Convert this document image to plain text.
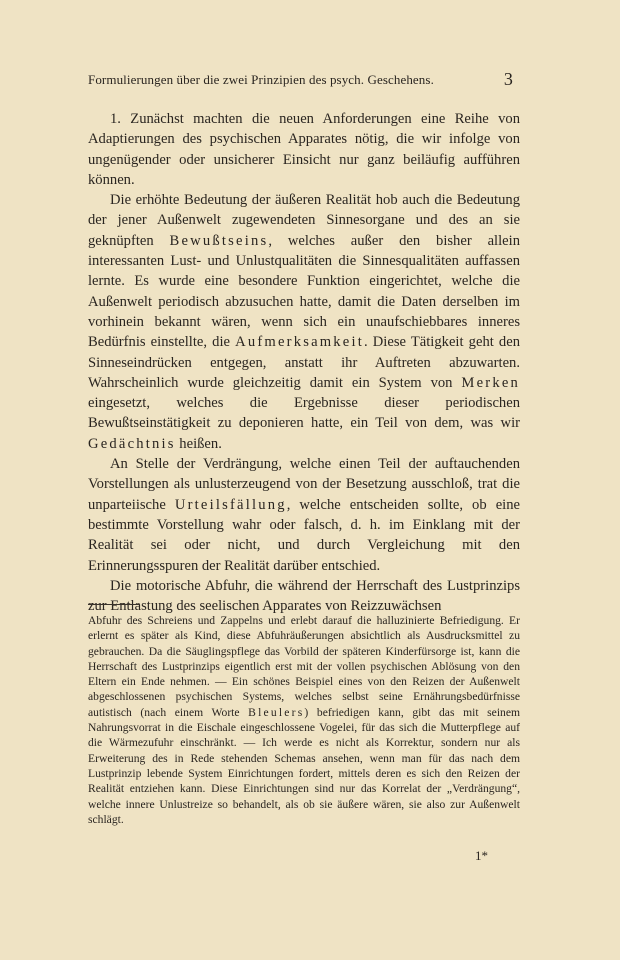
Formulierungen über die zwei Prinzipien des psych. Geschehens.	3

1. Zunächst machten die neuen Anforderungen eine Reihe von Adaptierungen des psychischen Apparates nötig, die wir infolge von ungenügender oder unsicherer Einsicht nur ganz beiläufig aufführen können.

Die erhöhte Bedeutung der äußeren Realität hob auch die Bedeutung der jener Außenwelt zugewendeten Sinnesorgane und des an sie geknüpften Bewußtseins, welches außer den bisher allein interessanten Lust- und Unlustqualitäten die Sinnesqualitäten auffassen lernte. Es wurde eine besondere Funktion eingerichtet, welche die Außenwelt periodisch abzusuchen hatte, damit die Daten derselben im vorhinein bekannt wären, wenn sich ein unaufschiebbares inneres Bedürfnis einstellte, die Aufmerksamkeit. Diese Tätigkeit geht den Sinneseindrücken entgegen, anstatt ihr Auftreten abzuwarten. Wahrscheinlich wurde gleichzeitig damit ein System von Merken eingesetzt, welches die Ergebnisse dieser periodischen Bewußtseinstätigkeit zu deponieren hatte, ein Teil von dem, was wir Gedächtnis heißen.

An Stelle der Verdrängung, welche einen Teil der auftauchenden Vorstellungen als unlusterzeugend von der Besetzung ausschloß, trat die unparteiische Urteilsfällung, welche entscheiden sollte, ob eine bestimmte Vorstellung wahr oder falsch, d. h. im Einklang mit der Realität sei oder nicht, und durch Vergleichung mit den Erinnerungsspuren der Realität darüber entschied.

Die motorische Abfuhr, die während der Herrschaft des Lustprinzips zur Entlastung des seelischen Apparates von Reizzuwächsen

Abfuhr des Schreiens und Zappelns und erlebt darauf die halluzinierte Befriedigung. Er erlernt es später als Kind, diese Abfuhräußerungen absichtlich als Ausdrucksmittel zu gebrauchen. Da die Säuglingspflege das Vorbild der späteren Kinderfürsorge ist, kann die Herrschaft des Lustprinzips eigentlich erst mit der vollen psychischen Ablösung von den Eltern ein Ende nehmen. — Ein schönes Beispiel eines von den Reizen der Außenwelt abgeschlossenen psychischen Systems, welches selbst seine Ernährungsbedürfnisse autistisch (nach einem Worte Bleulers) befriedigen kann, gibt das mit seinem Nahrungsvorrat in die Eischale eingeschlossene Vogelei, für das sich die Mutterpflege auf die Wärmezufuhr einschränkt. — Ich werde es nicht als Korrektur, sondern nur als Erweiterung des in Rede stehenden Schemas ansehen, wenn man für das nach dem Lustprinzip lebende System Einrichtungen fordert, mittels deren es sich den Reizen der Realität entziehen kann. Diese Einrichtungen sind nur das Korrelat der „Verdrängung“, welche innere Unlustreize so behandelt, als ob sie äußere wären, sie also zur Außenwelt schlägt.

1*
